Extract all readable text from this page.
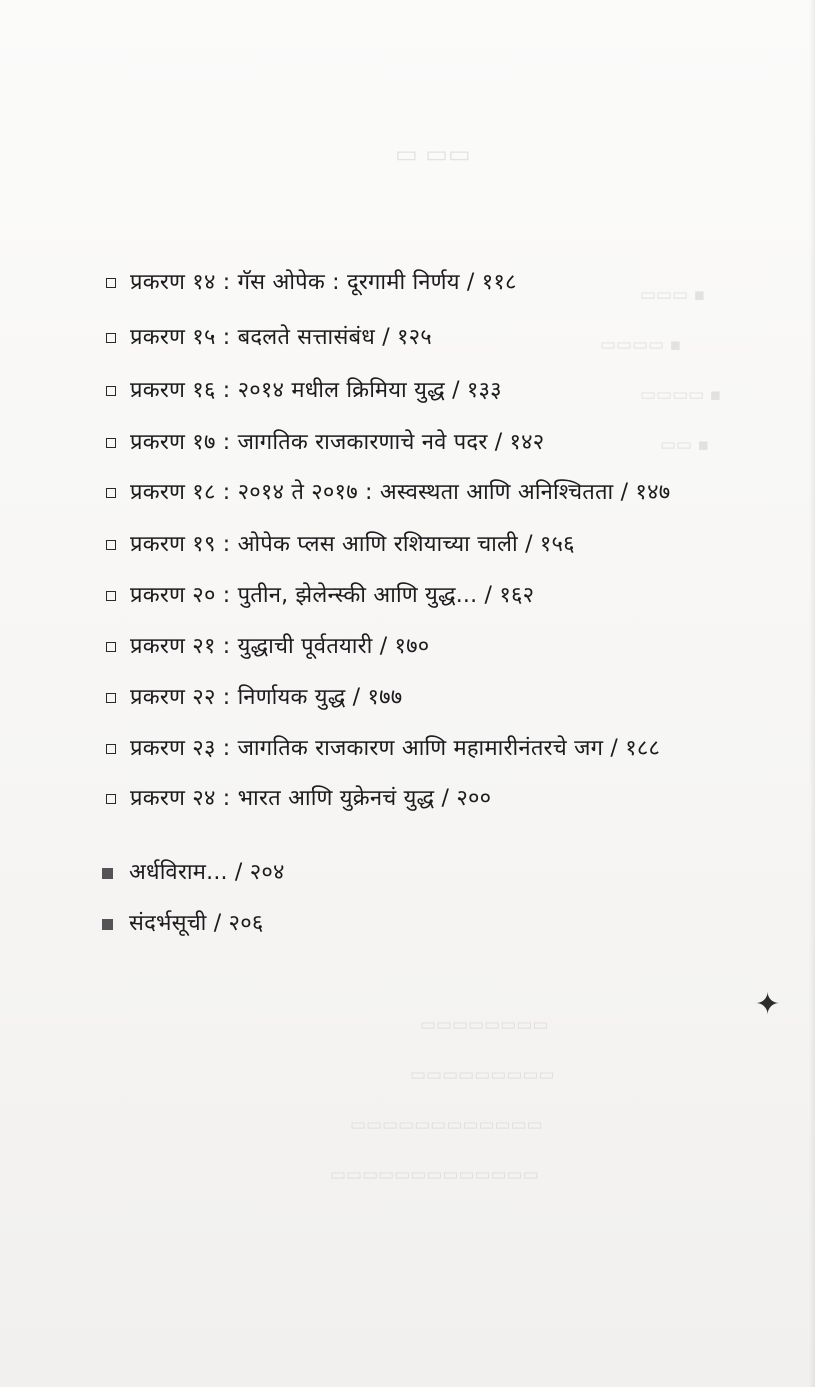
▭ ▭▭
▭▭▭ ▪
▭▭▭▭ ▪
▭▭▭▭ ▪
▭▭ ▪
▭▭▭▭▭▭▭▭
▭▭▭▭▭▭▭▭▭
▭▭▭▭▭▭▭▭▭▭▭▭
▭▭▭▭▭▭▭▭▭▭▭▭▭
प्रकरण १४ : गॅस ओपेक : दूरगामी निर्णय / ११८
प्रकरण १५ : बदलते सत्तासंबंध / १२५
प्रकरण १६ : २०१४ मधील क्रिमिया युद्ध / १३३
प्रकरण १७ : जागतिक राजकारणाचे नवे पदर / १४२
प्रकरण १८ : २०१४ ते २०१७ : अस्वस्थता आणि अनिश्चितता / १४७
प्रकरण १९ : ओपेक प्लस आणि रशियाच्या चाली / १५६
प्रकरण २० : पुतीन, झेलेन्स्की आणि युद्ध... / १६२
प्रकरण २१ : युद्धाची पूर्वतयारी / १७०
प्रकरण २२ : निर्णायक युद्ध / १७७
प्रकरण २३ : जागतिक राजकारण आणि महामारीनंतरचे जग / १८८
प्रकरण २४ : भारत आणि युक्रेनचं युद्ध / २००
अर्धविराम... / २०४
संदर्भसूची / २०६
✦
